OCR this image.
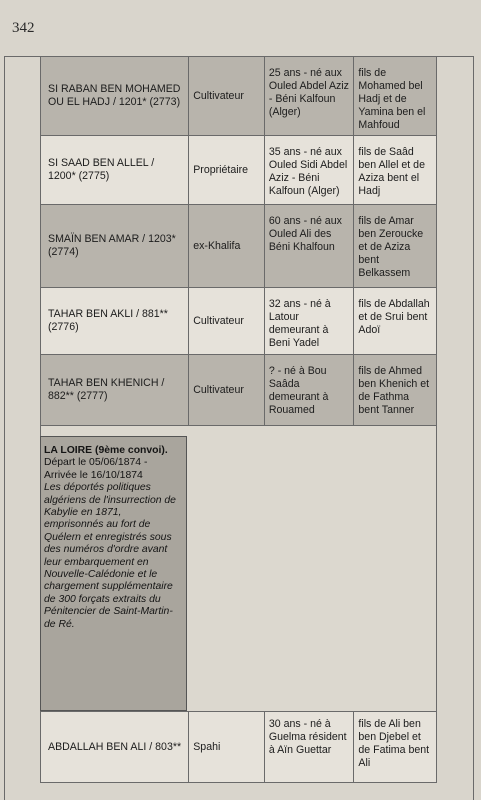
342
SI RABAN BEN MOHAMED OU EL HADJ / 1201* (2773)
Cultivateur
25 ans - né aux Ouled Abdel Aziz - Béni Kalfoun (Alger)
fils de Mohamed bel Hadj et de Yamina ben el Mahfoud
SI SAAD BEN ALLEL / 1200* (2775)
Propriétaire
35 ans - né aux Ouled Sidi Abdel Aziz - Béni Kalfoun (Alger)
fils de Saâd ben Allel et de Aziza bent el Hadj
SMAÏN BEN AMAR / 1203* (2774)
ex-Khalifa
60 ans - né aux Ouled Ali des Béni Khalfoun
fils de Amar ben Zeroucke et de Aziza bent Belkassem
TAHAR BEN AKLI / 881** (2776)
Cultivateur
32 ans - né à Latour demeurant à Beni Yadel
fils de Abdallah et de Srui bent Adoï
TAHAR BEN KHENICH / 882** (2777)
Cultivateur
? - né à Bou Saâda demeurant à Rouamed
fils de Ahmed ben Khenich et de Fathma bent Tanner
LA LOIRE (9ème convoi).
Départ le 05/06/1874 -
Arrivée le 16/10/1874
Les déportés politiques algériens de l'insurrection de Kabylie en 1871, emprisonnés au fort de Quélern et enregistrés sous des numéros d'ordre avant leur embarquement en Nouvelle-Calédonie et le chargement supplémentaire de 300 forçats extraits du Pénitencier de Saint-Martin-de Ré.
ABDALLAH BEN ALI / 803**	Spahi
30 ans - né à Guelma résident à Aïn Guettar
fils de Ali ben ben Djebel et de Fatima bent Ali
